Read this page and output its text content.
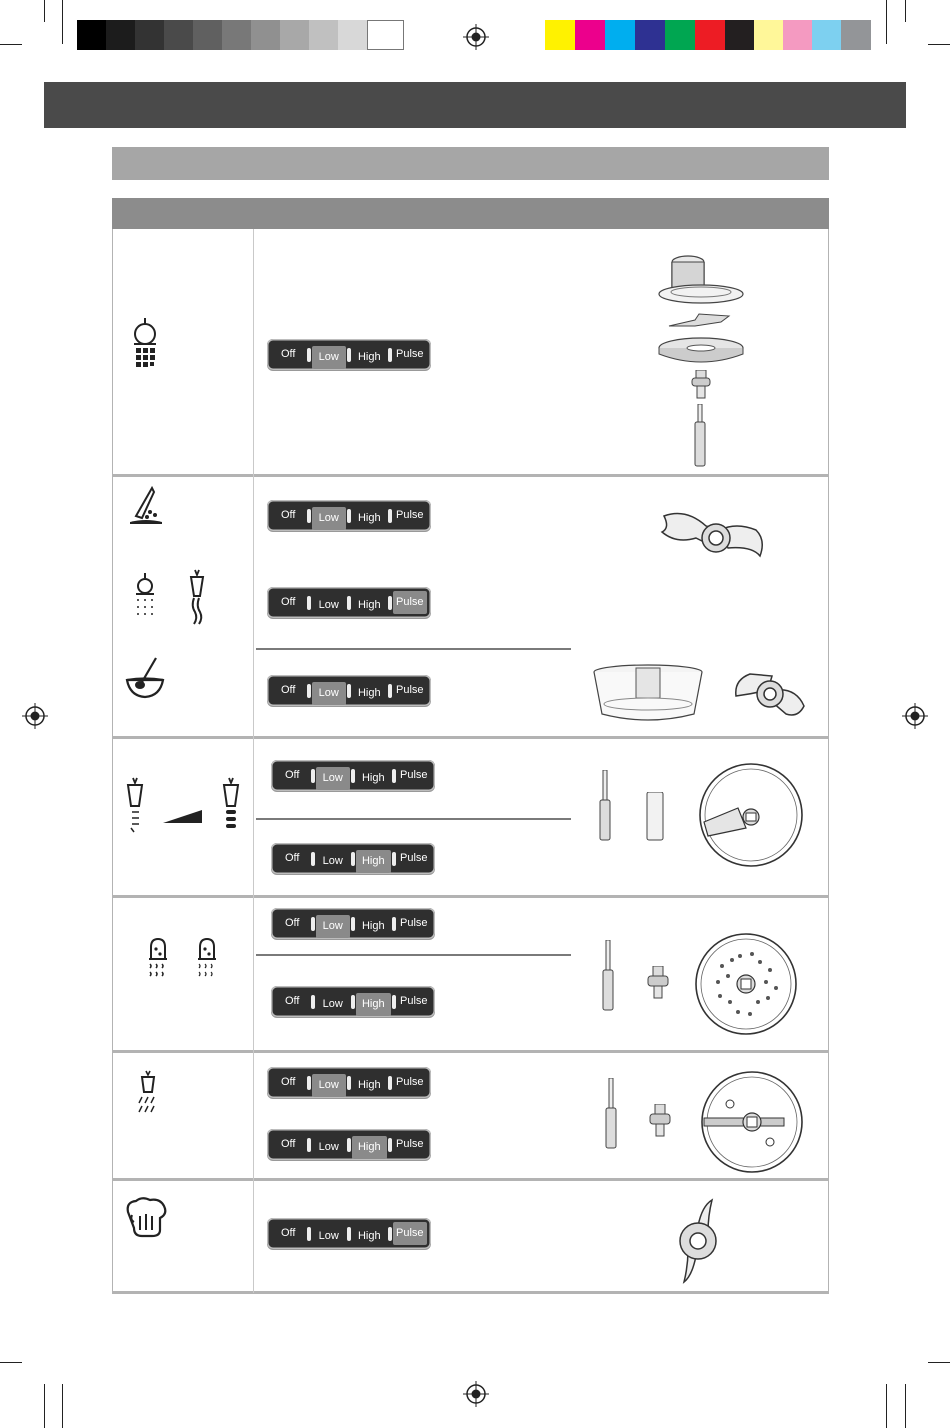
Off	Low	High	Pulse
Off	Low	High	Pulse
Off	Low	High	Pulse
Off	Low	High	Pulse
Off	Low	High	Pulse
Off	Low	High	Pulse
Off	Low	High	Pulse
Off	Low	High	Pulse
Off	Low	High	Pulse
Off	Low	High	Pulse
Off	Low	High	Pulse
